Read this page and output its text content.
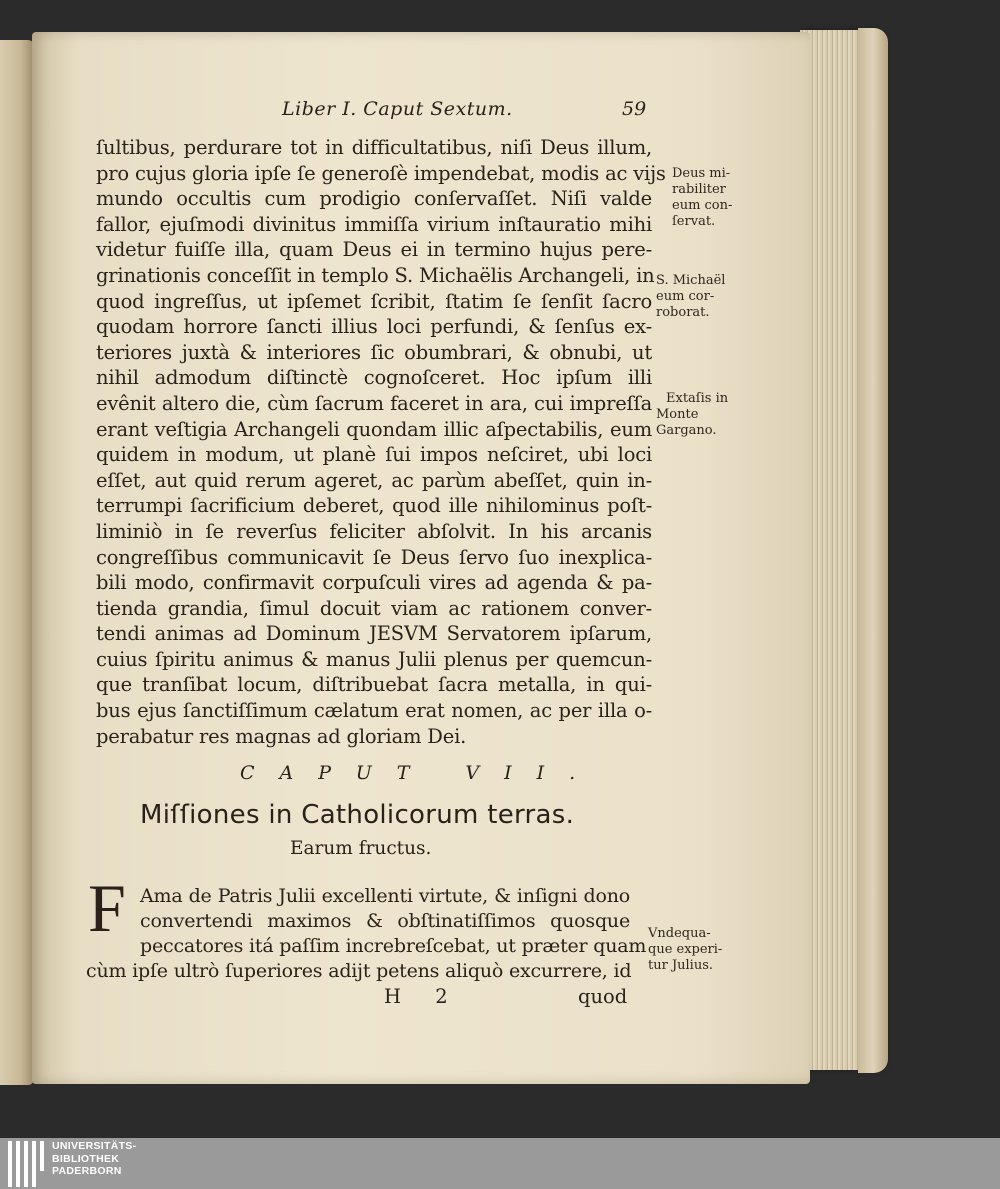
Liber I. Caput Sextum.	59
ſultibus, perdurare tot in difficultatibus, niſi Deus illum,
pro cujus gloria ipſe ſe generoſè impendebat, modis ac vijs
mundo occultis cum prodigio conſervaſſet. Niſi valde
fallor, ejuſmodi divinitus immiſſa virium inſtauratio mihi
videtur fuiſſe illa, quam Deus ei in termino hujus pere-
grinationis conceſſit in templo S. Michaëlis Archangeli, in
quod ingreſſus, ut ipſemet ſcribit, ſtatim ſe ſenſit ſacro
quodam horrore ſancti illius loci perfundi, & ſenſus ex-
teriores juxtà & interiores ſic obumbrari, & obnubi, ut
nihil admodum diſtinctè cognoſceret. Hoc ipſum illi
evênit altero die, cùm ſacrum faceret in ara, cui impreſſa
erant veſtigia Archangeli quondam illic aſpectabilis, eum
quidem in modum, ut planè ſui impos neſciret, ubi loci
eſſet, aut quid rerum ageret, ac parùm abeſſet, quin in-
terrumpi ſacrificium deberet, quod ille nihilominus poſt-
liminiò in ſe reverſus feliciter abſolvit. In his arcanis
congreſſibus communicavit ſe Deus ſervo ſuo inexplica-
bili modo, confirmavit corpuſculi vires ad agenda & pa-
tienda grandia, ſimul docuit viam ac rationem conver-
tendi animas ad Dominum JESVM Servatorem ipſarum,
cuius ſpiritu animus & manus Julii plenus per quemcun-
que tranſibat locum, diſtribuebat ſacra metalla, in qui-
bus ejus ſanctiſſimum cælatum erat nomen, ac per illa o-
perabatur res magnas ad gloriam Dei.
CAPUT VII.
Miſſiones in Catholicorum terras.
Earum fructus.
F Ama de Patris Julii excellenti virtute, & inſigni dono
convertendi maximos & obſtinatiſſimos quosque
peccatores itá paſſim increbreſcebat, ut præter quam
cùm ipſe ultrò ſuperiores adijt petens aliquò excurrere, id
H 2	quod
Deus mi-
rabiliter
eum con-
ſervat.
S. Michaël
eum cor-
roborat.
Extaſis in
Monte
Gargano.
Vndequa-
que experi-
tur Julius.
UNIVERSITÄTS-
BIBLIOTHEK
PADERBORN
